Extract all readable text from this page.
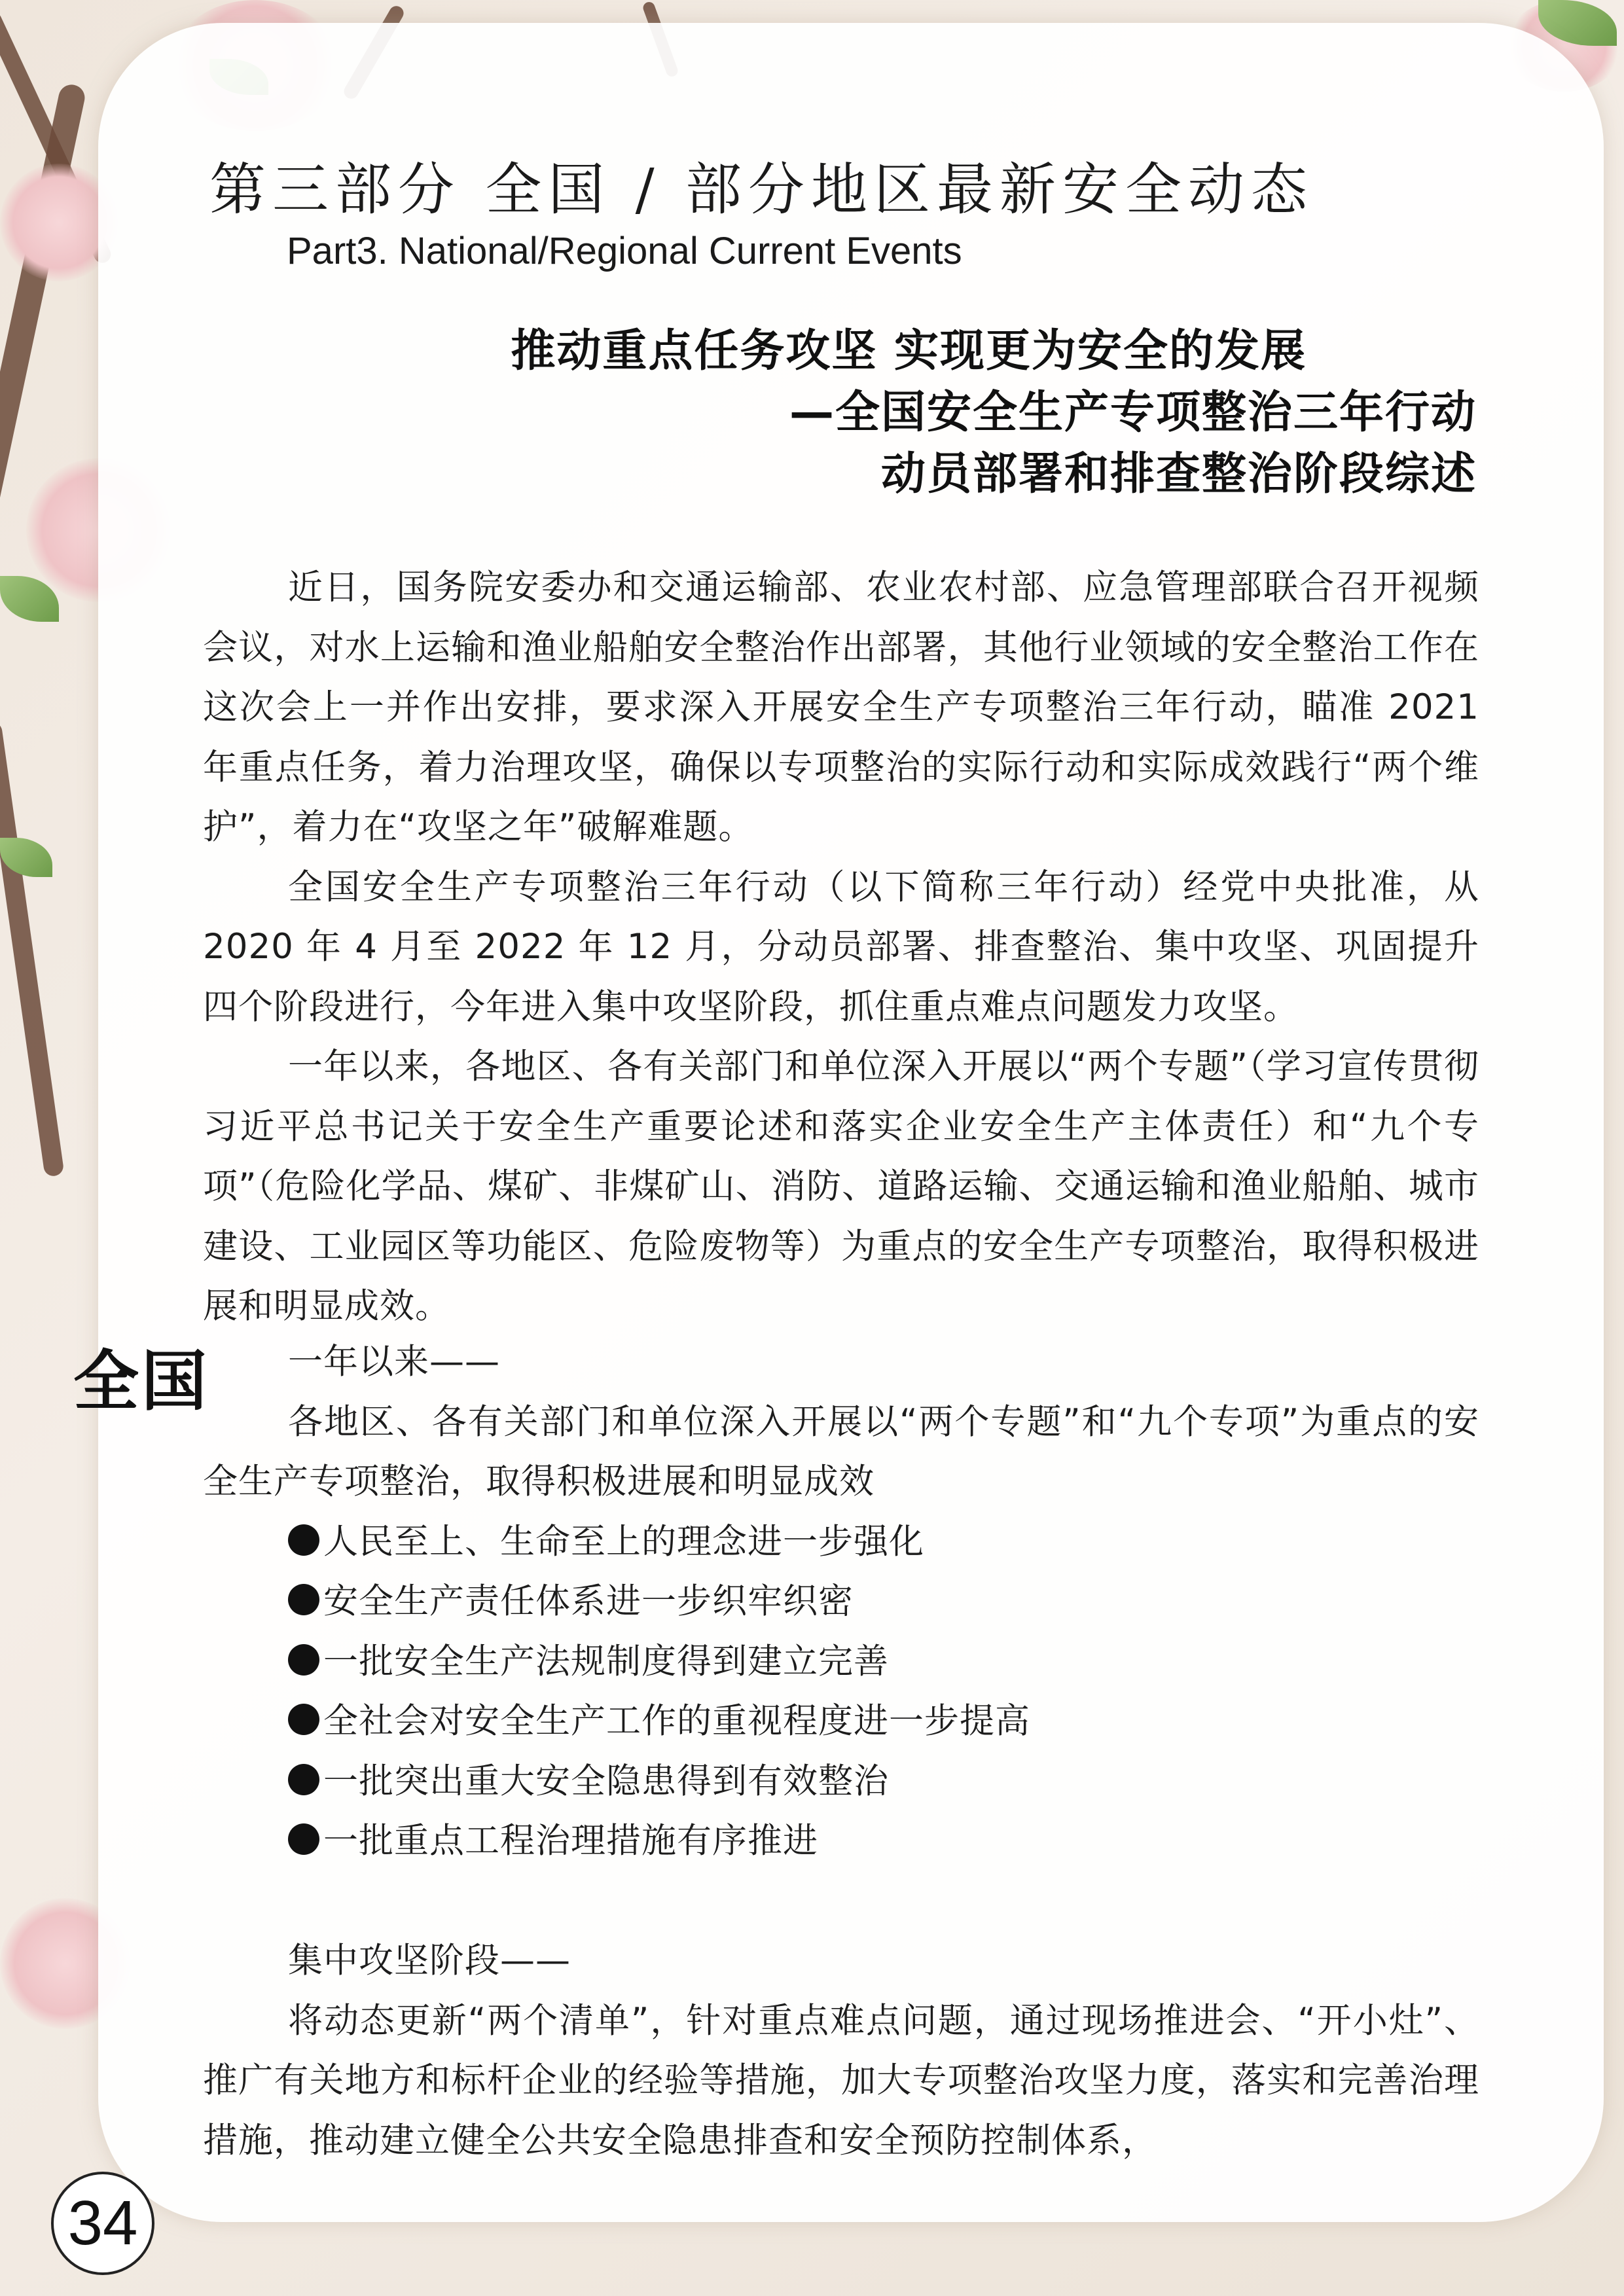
第三部分 全国 / 部分地区最新安全动态
Part3. National/Regional Current Events
推动重点任务攻坚 实现更为安全的发展
—全国安全生产专项整治三年行动
动员部署和排查整治阶段综述

近日，国务院安委办和交通运输部、农业农村部、应急管理部联合召开视频会议，对水上运输和渔业船舶安全整治作出部署，其他行业领域的安全整治工作在这次会上一并作出安排，要求深入开展安全生产专项整治三年行动，瞄准 2021 年重点任务，着力治理攻坚，确保以专项整治的实际行动和实际成效践行“两个维护”，着力在“攻坚之年”破解难题。

全国安全生产专项整治三年行动（以下简称三年行动）经党中央批准，从 2020 年 4 月至 2022 年 12 月，分动员部署、排查整治、集中攻坚、巩固提升四个阶段进行，今年进入集中攻坚阶段，抓住重点难点问题发力攻坚。

一年以来，各地区、各有关部门和单位深入开展以“两个专题”（学习宣传贯彻习近平总书记关于安全生产重要论述和落实企业安全生产主体责任）和“九个专项”（危险化学品、煤矿、非煤矿山、消防、道路运输、交通运输和渔业船舶、城市建设、工业园区等功能区、危险废物等）为重点的安全生产专项整治，取得积极进展和明显成效。

全国	一年以来——

各地区、各有关部门和单位深入开展以“两个专题”和“九个专项”为重点的安全生产专项整治，取得积极进展和明显成效

人民至上、生命至上的理念进一步强化
安全生产责任体系进一步织牢织密
一批安全生产法规制度得到建立完善
全社会对安全生产工作的重视程度进一步提高
一批突出重大安全隐患得到有效整治
一批重点工程治理措施有序推进

集中攻坚阶段——

将动态更新“两个清单”，针对重点难点问题，通过现场推进会、“开小灶”、推广有关地方和标杆企业的经验等措施，加大专项整治攻坚力度，落实和完善治理措施，推动建立健全公共安全隐患排查和安全预防控制体系，

34
